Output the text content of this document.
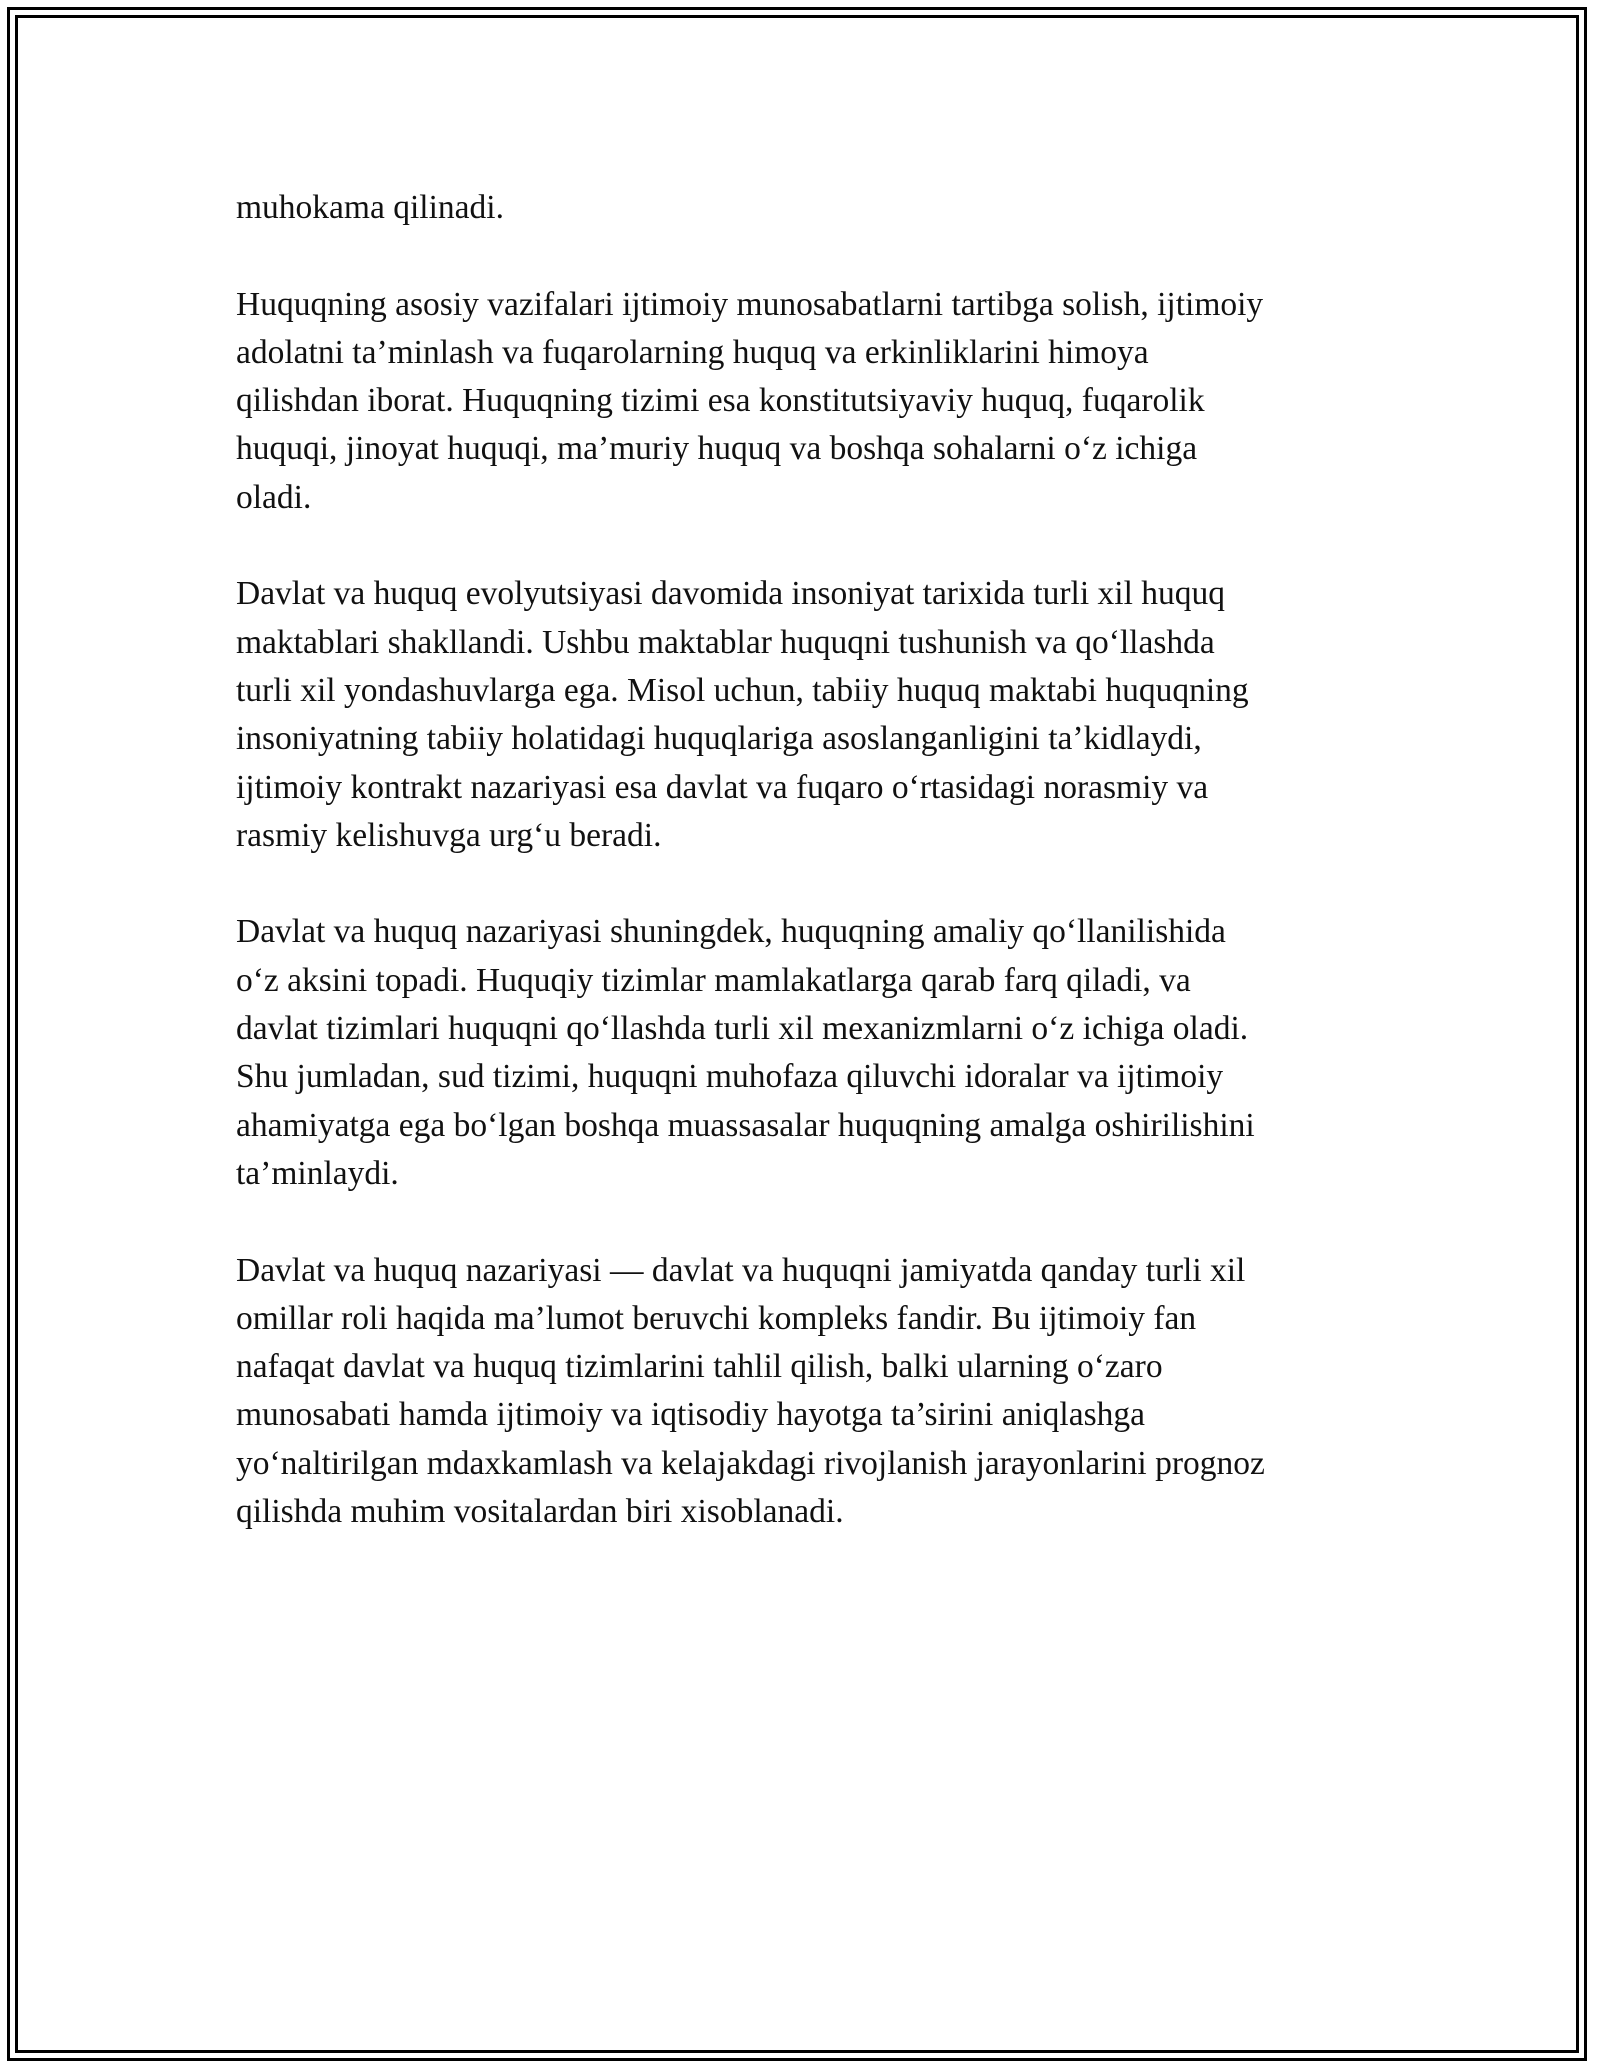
muhokama qilinadi.

Huquqning asosiy vazifalari ijtimoiy munosabatlarni tartibga solish, ijtimoiy
adolatni ta’minlash va fuqarolarning huquq va erkinliklarini himoya
qilishdan iborat. Huquqning tizimi esa konstitutsiyaviy huquq, fuqarolik
huquqi, jinoyat huquqi, ma’muriy huquq va boshqa sohalarni o‘z ichiga
oladi.

Davlat va huquq evolyutsiyasi davomida insoniyat tarixida turli xil huquq
maktablari shakllandi. Ushbu maktablar huquqni tushunish va qo‘llashda
turli xil yondashuvlarga ega. Misol uchun, tabiiy huquq maktabi huquqning
insoniyatning tabiiy holatidagi huquqlariga asoslanganligini ta’kidlaydi,
ijtimoiy kontrakt nazariyasi esa davlat va fuqaro o‘rtasidagi norasmiy va
rasmiy kelishuvga urg‘u beradi.

Davlat va huquq nazariyasi shuningdek, huquqning amaliy qo‘llanilishida
o‘z aksini topadi. Huquqiy tizimlar mamlakatlarga qarab farq qiladi, va
davlat tizimlari huquqni qo‘llashda turli xil mexanizmlarni o‘z ichiga oladi.
Shu jumladan, sud tizimi, huquqni muhofaza qiluvchi idoralar va ijtimoiy
ahamiyatga ega bo‘lgan boshqa muassasalar huquqning amalga oshirilishini
ta’minlaydi.

Davlat va huquq nazariyasi — davlat va huquqni jamiyatda qanday turli xil
omillar roli haqida ma’lumot beruvchi kompleks fandir. Bu ijtimoiy fan
nafaqat davlat va huquq tizimlarini tahlil qilish, balki ularning o‘zaro
munosabati hamda ijtimoiy va iqtisodiy hayotga ta’sirini aniqlashga
yo‘naltirilgan mdaxkamlash va kelajakdagi rivojlanish jarayonlarini prognoz
qilishda muhim vositalardan biri xisoblanadi.
